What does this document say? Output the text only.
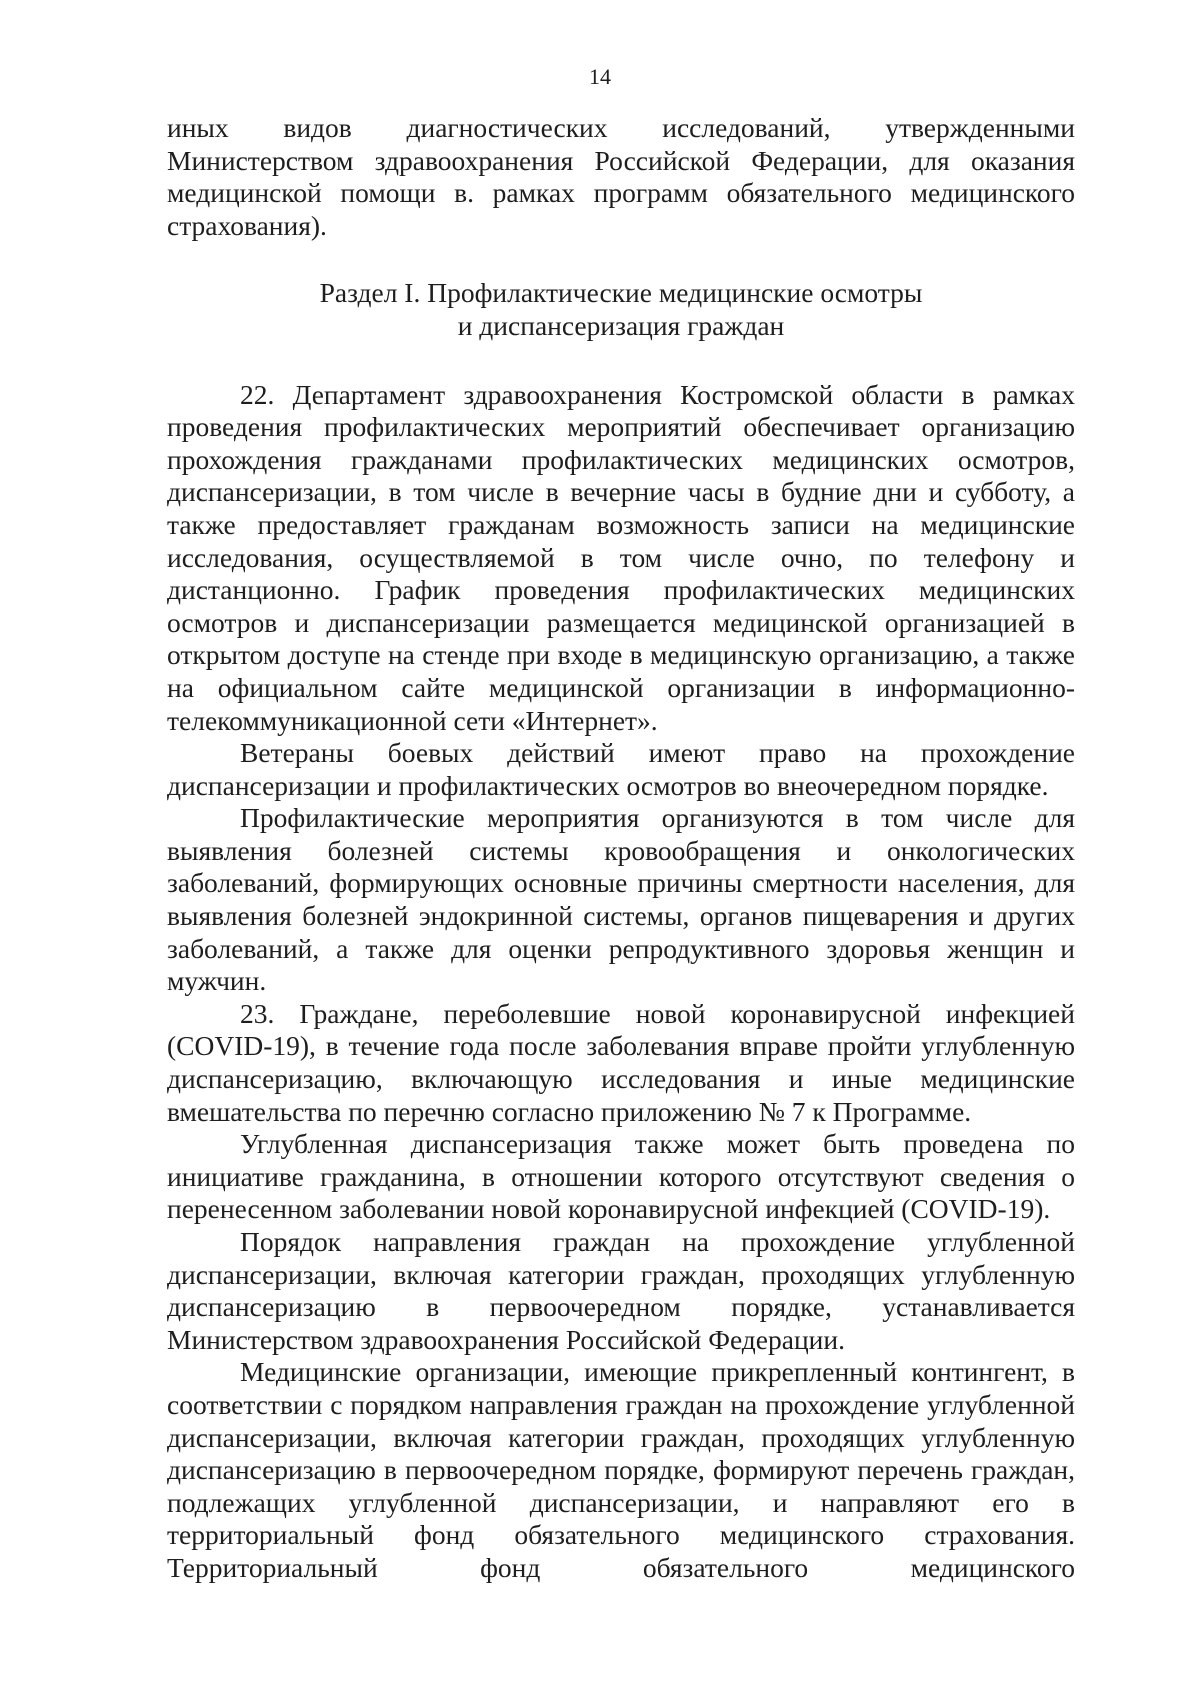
14

иных видов диагностических исследований, утвержденными Министерством здравоохранения Российской Федерации, для оказания медицинской помощи в. рамках программ обязательного медицинского страхования).

Раздел I. Профилактические медицинские осмотры
и диспансеризация граждан

22. Департамент здравоохранения Костромской области в рамках проведения профилактических мероприятий обеспечивает организацию прохождения гражданами профилактических медицинских осмотров, диспансеризации, в том числе в вечерние часы в будние дни и субботу, а также предоставляет гражданам возможность записи на медицинские исследования, осуществляемой в том числе очно, по телефону и дистанционно. График проведения профилактических медицинских осмотров и диспансеризации размещается медицинской организацией в открытом доступе на стенде при входе в медицинскую организацию, а также на официальном сайте медицинской организации в информационно-телекоммуникационной сети «Интернет».

Ветераны боевых действий имеют право на прохождение диспансеризации и профилактических осмотров во внеочередном порядке.

Профилактические мероприятия организуются в том числе для выявления болезней системы кровообращения и онкологических заболеваний, формирующих основные причины смертности населения, для выявления болезней эндокринной системы, органов пищеварения и других заболеваний, а также для оценки репродуктивного здоровья женщин и мужчин.

23. Граждане, переболевшие новой коронавирусной инфекцией (COVID-19), в течение года после заболевания вправе пройти углубленную диспансеризацию, включающую исследования и иные медицинские вмешательства по перечню согласно приложению № 7 к Программе.

Углубленная диспансеризация также может быть проведена по инициативе гражданина, в отношении которого отсутствуют сведения о перенесенном заболевании новой коронавирусной инфекцией (COVID-19).

Порядок направления граждан на прохождение углубленной диспансеризации, включая категории граждан, проходящих углубленную диспансеризацию в первоочередном порядке, устанавливается Министерством здравоохранения Российской Федерации.

Медицинские организации, имеющие прикрепленный контингент, в соответствии с порядком направления граждан на прохождение углубленной диспансеризации, включая категории граждан, проходящих углубленную диспансеризацию в первоочередном порядке, формируют перечень граждан, подлежащих углубленной диспансеризации, и направляют его в территориальный фонд обязательного медицинского страхования. Территориальный фонд обязательного медицинского
